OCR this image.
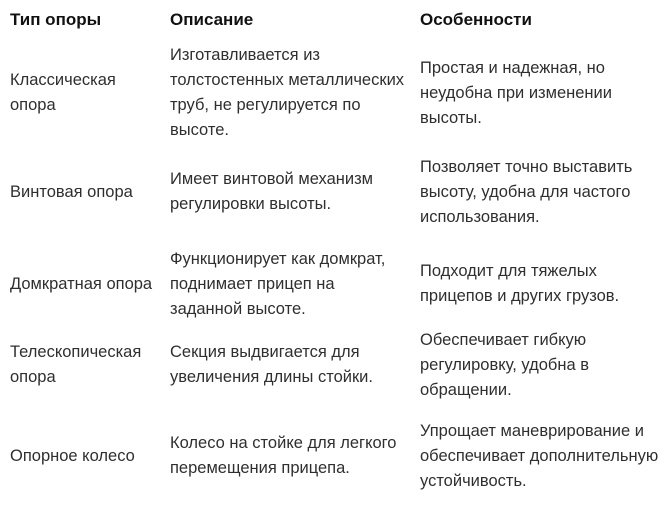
Тип опоры	Описание	Особенности
Классическая опора
Изготавливается из толстостенных металлических труб, не регулируется по высоте.
Простая и надежная, но неудобна при изменении высоты.
Винтовая опора
Имеет винтовой механизм регулировки высоты.
Позволяет точно выставить высоту, удобна для частого использования.
Домкратная опора
Функционирует как домкрат, поднимает прицеп на заданной высоте.
Подходит для тяжелых прицепов и других грузов.
Телескопическая опора
Секция выдвигается для увеличения длины стойки.
Обеспечивает гибкую регулировку, удобна в обращении.
Опорное колесо
Колесо на стойке для легкого перемещения прицепа.
Упрощает маневрирование и обеспечивает дополнительную устойчивость.
